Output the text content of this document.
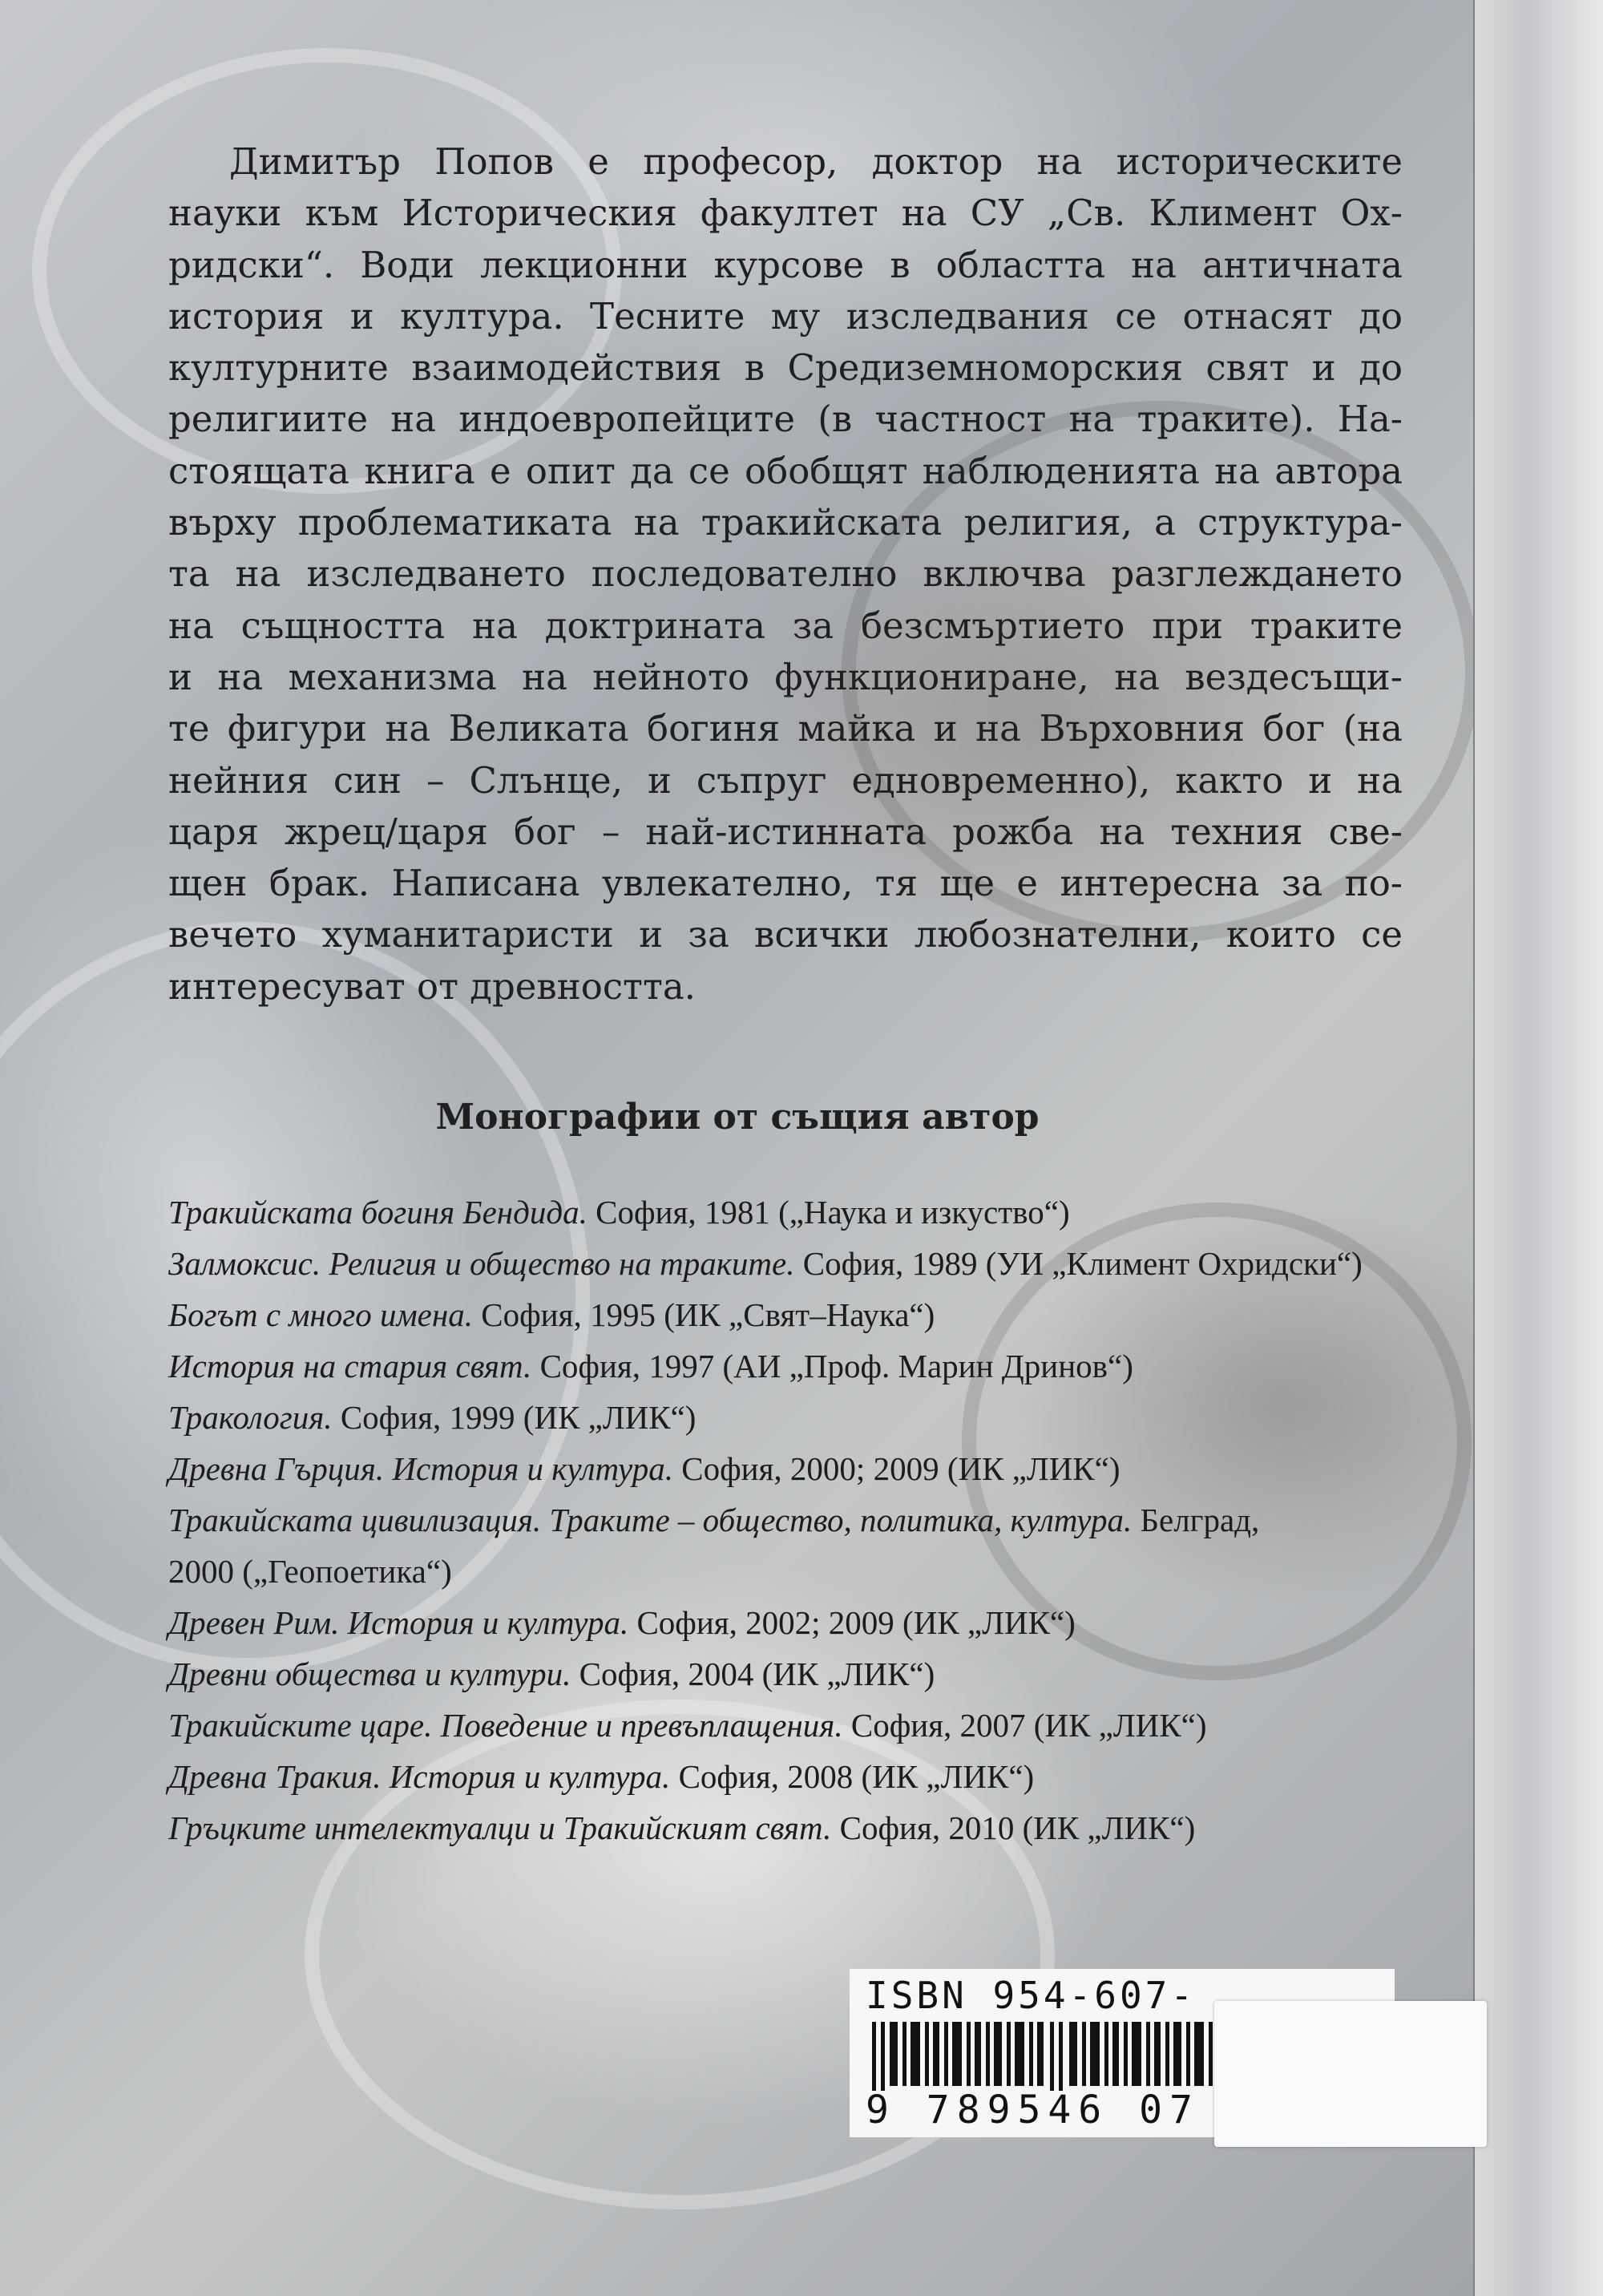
Димитър Попов е професор, доктор на историческите
науки към Историческия факултет на СУ „Св. Климент Ох-
ридски“. Води лекционни курсове в областта на античната
история и култура. Тесните му изследвания се отнасят до
културните взаимодействия в Средиземноморския свят и до
религиите на индоевропейците (в частност на траките). На-
стоящата книга е опит да се обобщят наблюденията на автора
върху проблематиката на тракийската религия, а структура-
та на изследването последователно включва разглеждането
на същността на доктрината за безсмъртието при траките
и на механизма на нейното функциониране, на вездесъщи-
те фигури на Великата богиня майка и на Върховния бог (на
нейния син – Слънце, и съпруг едновременно), както и на
царя жрец/царя бог – най-истинната рожба на техния све-
щен брак. Написана увлекателно, тя ще е интересна за по-
вечето хуманитаристи и за всички любознателни, които се
интересуват от древността.
Монографии от същия автор
Тракийската богиня Бендида. София, 1981 („Наука и изкуство“)
Залмоксис. Религия и общество на траките. София, 1989 (УИ „Климент Охридски“)
Богът с много имена. София, 1995 (ИК „Свят–Наука“)
История на стария свят. София, 1997 (АИ „Проф. Марин Дринов“)
Тракология. София, 1999 (ИК „ЛИК“)
Древна Гърция. История и култура. София, 2000; 2009 (ИК „ЛИК“)
Тракийската цивилизация. Траките – общество, политика, култура. Белград,
2000 („Геопоетика“)
Древен Рим. История и култура. София, 2002; 2009 (ИК „ЛИК“)
Древни общества и култури. София, 2004 (ИК „ЛИК“)
Тракийските царе. Поведение и превъплащения. София, 2007 (ИК „ЛИК“)
Древна Тракия. История и култура. София, 2008 (ИК „ЛИК“)
Гръцките интелектуалци и Тракийският свят. София, 2010 (ИК „ЛИК“)
ISBN 954-607-
9 789546 07
